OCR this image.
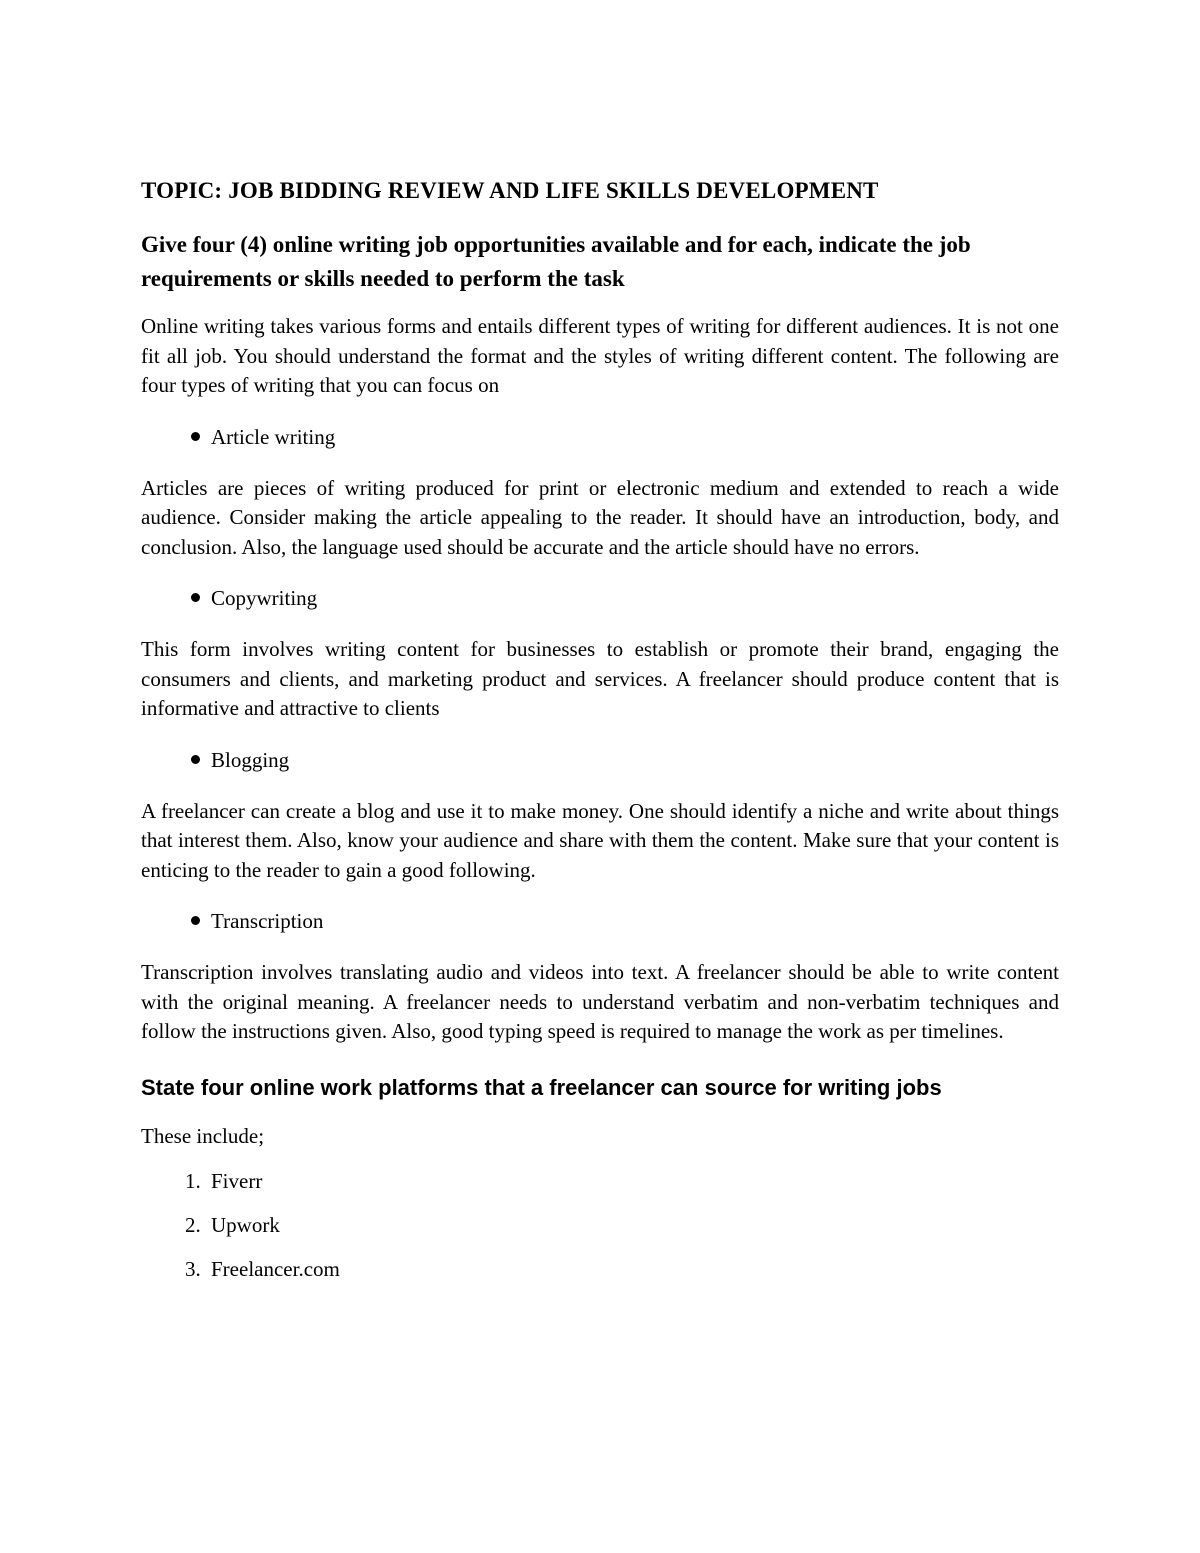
TOPIC: JOB BIDDING REVIEW AND LIFE SKILLS DEVELOPMENT
Give four (4) online writing job opportunities available and for each, indicate the job requirements or skills needed to perform the task

Online writing takes various forms and entails different types of writing for different audiences. It is not one fit all job. You should understand the format and the styles of writing different content. The following are four types of writing that you can focus on

Article writing

Articles are pieces of writing produced for print or electronic medium and extended to reach a wide audience. Consider making the article appealing to the reader. It should have an introduction, body, and conclusion. Also, the language used should be accurate and the article should have no errors.

Copywriting

This form involves writing content for businesses to establish or promote their brand, engaging the consumers and clients, and marketing product and services. A freelancer should produce content that is informative and attractive to clients

Blogging

A freelancer can create a blog and use it to make money. One should identify a niche and write about things that interest them. Also, know your audience and share with them the content. Make sure that your content is enticing to the reader to gain a good following.

Transcription

Transcription involves translating audio and videos into text. A freelancer should be able to write content with the original meaning. A freelancer needs to understand verbatim and non-verbatim techniques and follow the instructions given. Also, good typing speed is required to manage the work as per timelines.

State four online work platforms that a freelancer can source for writing jobs

These include;

1. Fiverr
2. Upwork
3. Freelancer.com
